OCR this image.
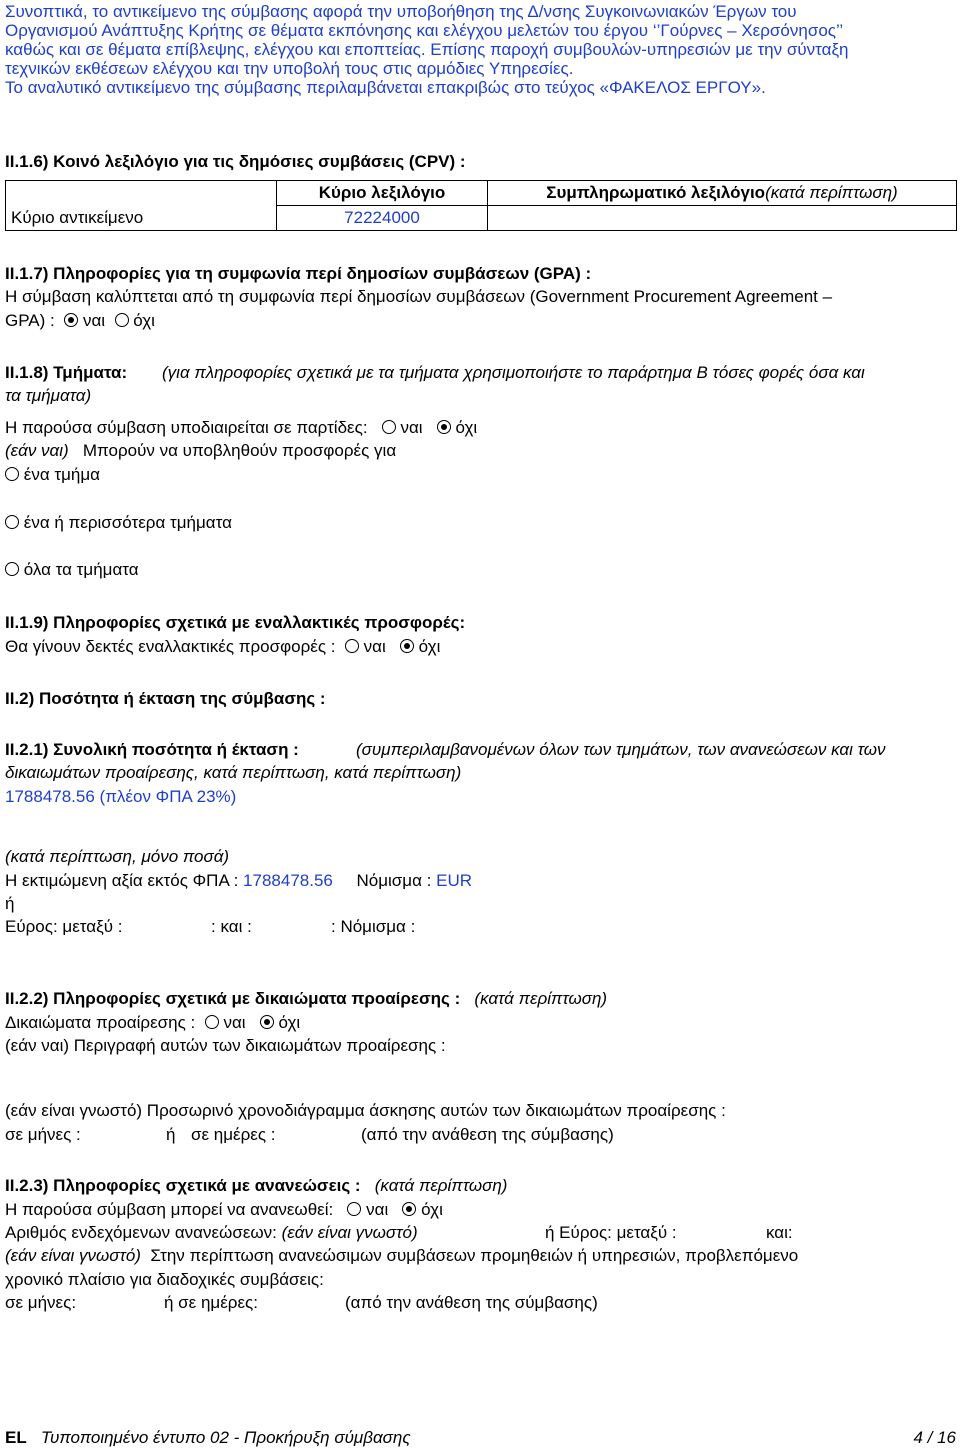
Συνοπτικά, το αντικείμενο της σύμβασης αφορά την υποβοήθηση της Δ/νσης Συγκοινωνιακών Έργων του
Οργανισμού Ανάπτυξης Κρήτης σε θέματα εκπόνησης και ελέγχου μελετών του έργου ‘’Γούρνες – Χερσόνησος’’
καθώς και σε θέματα επίβλεψης, ελέγχου και εποπτείας. Επίσης παροχή συμβουλών-υπηρεσιών με την σύνταξη
τεχνικών εκθέσεων ελέγχου και την υποβολή τους στις αρμόδιες Υπηρεσίες.
Το αναλυτικό αντικείμενο της σύμβασης περιλαμβάνεται επακριβώς στο τεύχος «ΦΑΚΕΛΟΣ ΕΡΓΟΥ».
II.1.6) Κοινό λεξιλόγιο για τις δημόσιες συμβάσεις (CPV) :
	Κύριο λεξιλόγιο	Συμπληρωματικό λεξιλόγιο(κατά περίπτωση)
Κύριο αντικείμενο	72224000	
II.1.7) Πληροφορίες για τη συμφωνία περί δημοσίων συμβάσεων (GPA) :
Η σύμβαση καλύπτεται από τη συμφωνία περί δημοσίων συμβάσεων (Government Procurement Agreement –
GPA) : ναι όχι
II.1.8) Τμήματα: (για πληροφορίες σχετικά με τα τμήματα χρησιμοποιήστε το παράρτημα B τόσες φορές όσα και
τα τμήματα)
Η παρούσα σύμβαση υποδιαιρείται σε παρτίδες: ναι όχι
(εάν ναι) Μπορούν να υποβληθούν προσφορές για
ένα τμήμα
ένα ή περισσότερα τμήματα
όλα τα τμήματα
II.1.9) Πληροφορίες σχετικά με εναλλακτικές προσφορές:
Θα γίνουν δεκτές εναλλακτικές προσφορές : ναι όχι
II.2) Ποσότητα ή έκταση της σύμβασης :
II.2.1) Συνολική ποσότητα ή έκταση :	(συμπεριλαμβανομένων όλων των τμημάτων, των ανανεώσεων και των
δικαιωμάτων προαίρεσης, κατά περίπτωση, κατά περίπτωση)
1788478.56 (πλέον ΦΠΑ 23%)
(κατά περίπτωση, μόνο ποσά)
Η εκτιμώμενη αξία εκτός ΦΠΑ : 1788478.56 Νόμισμα : EUR
ή
Εύρος: μεταξύ :	: και :	: Νόμισμα :
II.2.2) Πληροφορίες σχετικά με δικαιώματα προαίρεσης : (κατά περίπτωση)
Δικαιώματα προαίρεσης : ναι όχι
(εάν ναι) Περιγραφή αυτών των δικαιωμάτων προαίρεσης :
(εάν είναι γνωστό) Προσωρινό χρονοδιάγραμμα άσκησης αυτών των δικαιωμάτων προαίρεσης :
σε μήνες :	ή σε ημέρες :	(από την ανάθεση της σύμβασης)
II.2.3) Πληροφορίες σχετικά με ανανεώσεις : (κατά περίπτωση)
Η παρούσα σύμβαση μπορεί να ανανεωθεί: ναι όχι
Αριθμός ενδεχόμενων ανανεώσεων: (εάν είναι γνωστό)	ή Εύρος: μεταξύ :	και:
(εάν είναι γνωστό) Στην περίπτωση ανανεώσιμων συμβάσεων προμηθειών ή υπηρεσιών, προβλεπόμενο
χρονικό πλαίσιο για διαδοχικές συμβάσεις:
σε μήνες:	ή σε ημέρες:	(από την ανάθεση της σύμβασης)
EL Τυποποιημένο έντυπο 02 - Προκήρυξη σύμβασης	4 / 16
